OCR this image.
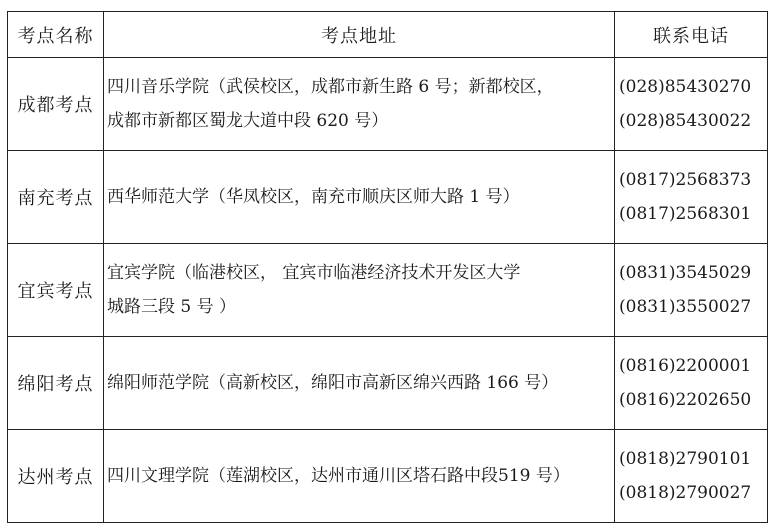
考点名称	考点地址	联系电话
成都考点	四川音乐学院（武侯校区，成都市新生路 6 号；新都校区，
成都市新都区蜀龙大道中段 620 号）	(028)85430270
(028)85430022

南充考点	西华师范大学（华凤校区，南充市顺庆区师大路 1 号）	(0817)2568373
(0817)2568301

宜宾考点	宜宾学院（临港校区， 宜宾市临港经济技术开发区大学
城路三段 5 号 ）	(0831)3545029
(0831)3550027

绵阳考点	绵阳师范学院（高新校区，绵阳市高新区绵兴西路 166 号）	(0816)2200001
(0816)2202650

达州考点	四川文理学院（莲湖校区，达州市通川区塔石路中段519 号）	(0818)2790101
(0818)2790027
